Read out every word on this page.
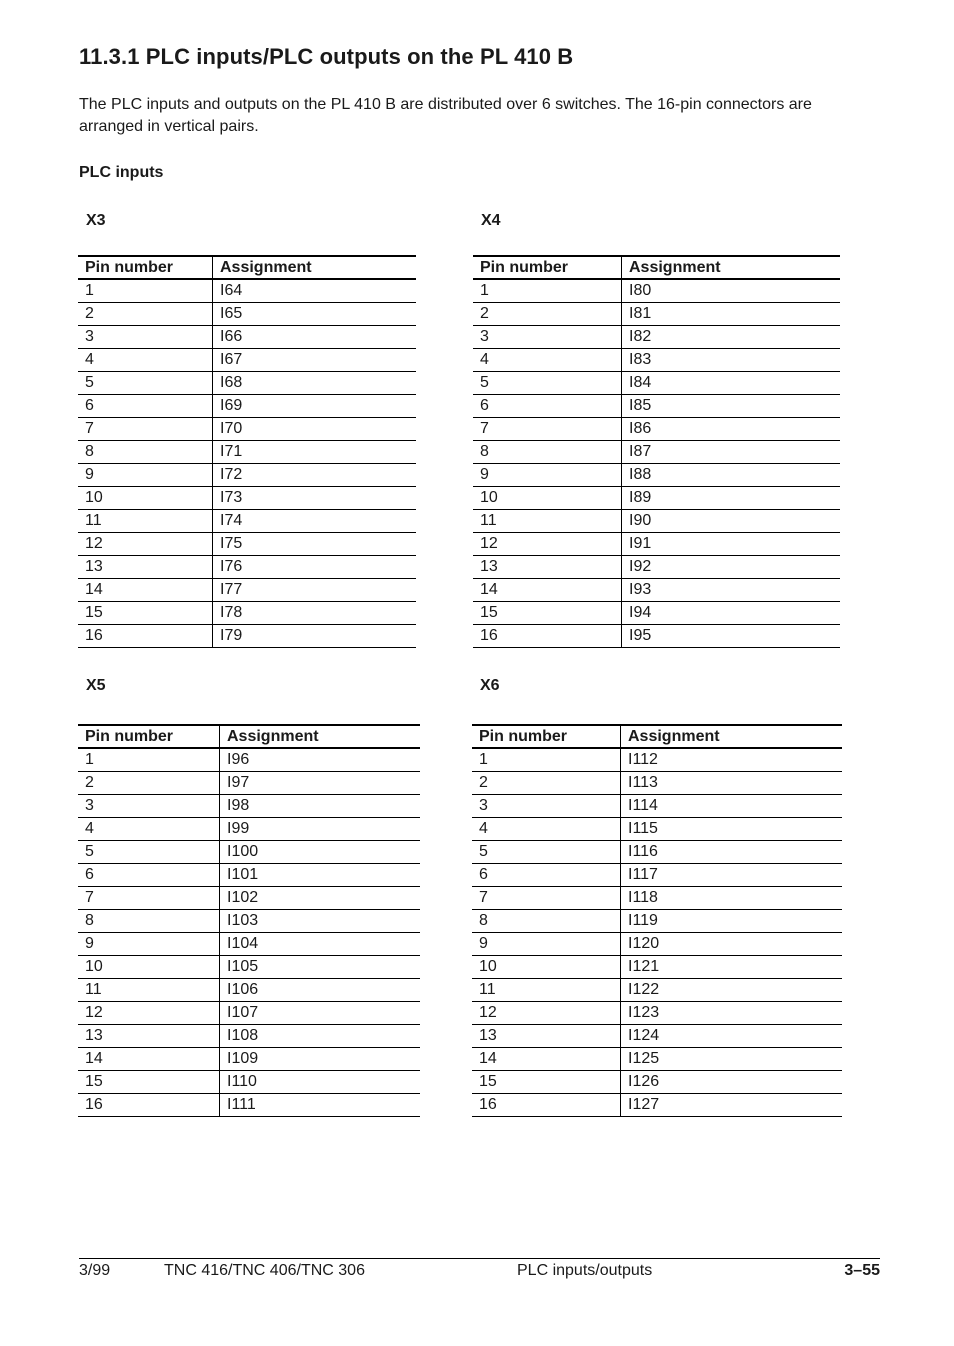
11.3.1 PLC inputs/PLC outputs on the PL 410 B

The PLC inputs and outputs on the PL 410 B are distributed over 6 switches. The 16-pin connectors are arranged in vertical pairs.

PLC inputs
X3	X4
X5	X6
Pin number	Assignment
1	I64
2	I65
3	I66
4	I67
5	I68
6	I69
7	I70
8	I71
9	I72
10	I73
11	I74
12	I75
13	I76
14	I77
15	I78
16	I79
Pin number	Assignment
1	I80
2	I81
3	I82
4	I83
5	I84
6	I85
7	I86
8	I87
9	I88
10	I89
11	I90
12	I91
13	I92
14	I93
15	I94
16	I95
Pin number	Assignment
1	I96
2	I97
3	I98
4	I99
5	I100
6	I101
7	I102
8	I103
9	I104
10	I105
11	I106
12	I107
13	I108
14	I109
15	I110
16	I111
Pin number	Assignment
1	I112
2	I113
3	I114
4	I115
5	I116
6	I117
7	I118
8	I119
9	I120
10	I121
11	I122
12	I123
13	I124
14	I125
15	I126
16	I127
3/99	TNC 416/TNC 406/TNC 306	PLC inputs/outputs	3–55
